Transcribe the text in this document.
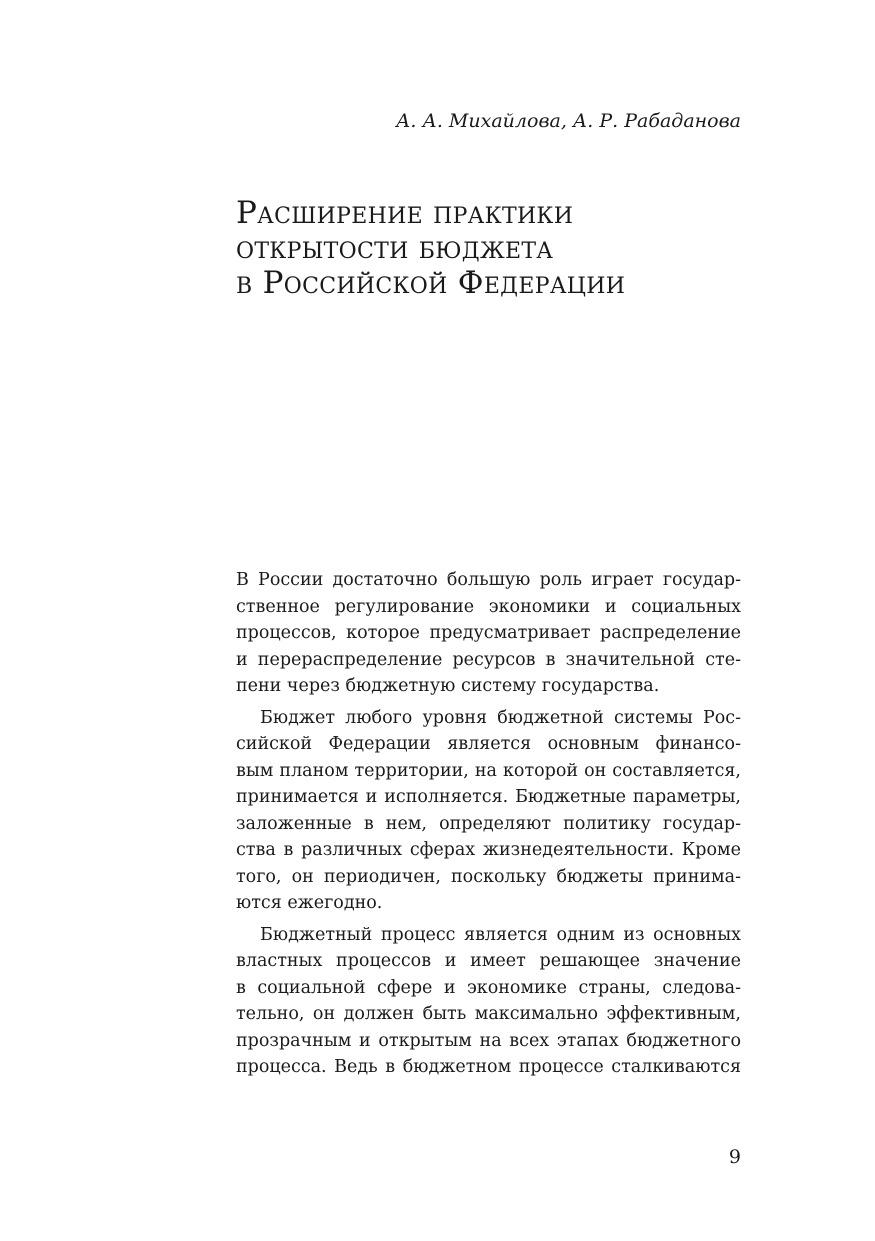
А. А. Михайлова, А. Р. Рабаданова

Расширение практики
открытости бюджета
в Российской Федерации
В России достаточно большую роль играет государ-
ственное регулирование экономики и социальных
процессов, которое предусматривает распределение
и перераспределение ресурсов в значительной сте-
пени через бюджетную систему государства.
Бюджет любого уровня бюджетной системы Рос-
сийской Федерации является основным финансо-
вым планом территории, на которой он составляется,
принимается и исполняется. Бюджетные параметры,
заложенные в нем, определяют политику государ-
ства в различных сферах жизнедеятельности. Кроме
того, он периодичен, поскольку бюджеты принима-
ются ежегодно.
Бюджетный процесс является одним из основных
властных процессов и имеет решающее значение
в социальной сфере и экономике страны, следова-
тельно, он должен быть максимально эффективным,
прозрачным и открытым на всех этапах бюджетного
процесса. Ведь в бюджетном процессе сталкиваются

9
